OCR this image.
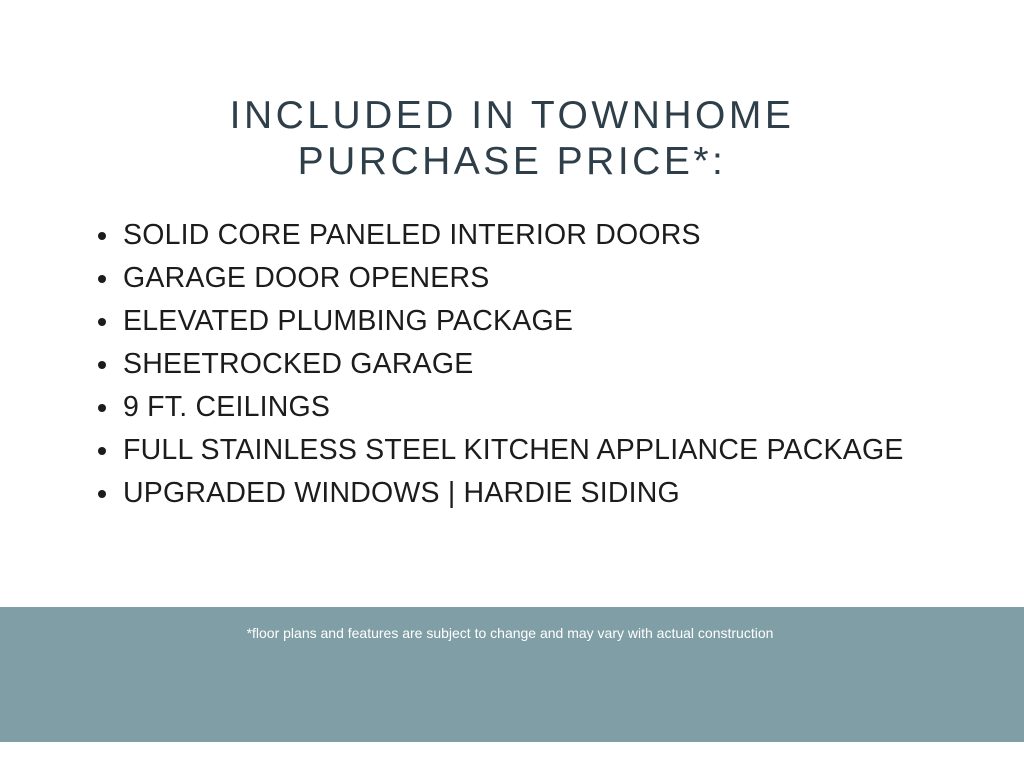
INCLUDED IN TOWNHOME
PURCHASE PRICE*:
SOLID CORE PANELED INTERIOR DOORS
GARAGE DOOR OPENERS
ELEVATED PLUMBING PACKAGE
SHEETROCKED GARAGE
9 FT. CEILINGS
FULL STAINLESS STEEL KITCHEN APPLIANCE PACKAGE
UPGRADED WINDOWS | HARDIE SIDING

*floor plans and features are subject to change and may vary with actual construction
